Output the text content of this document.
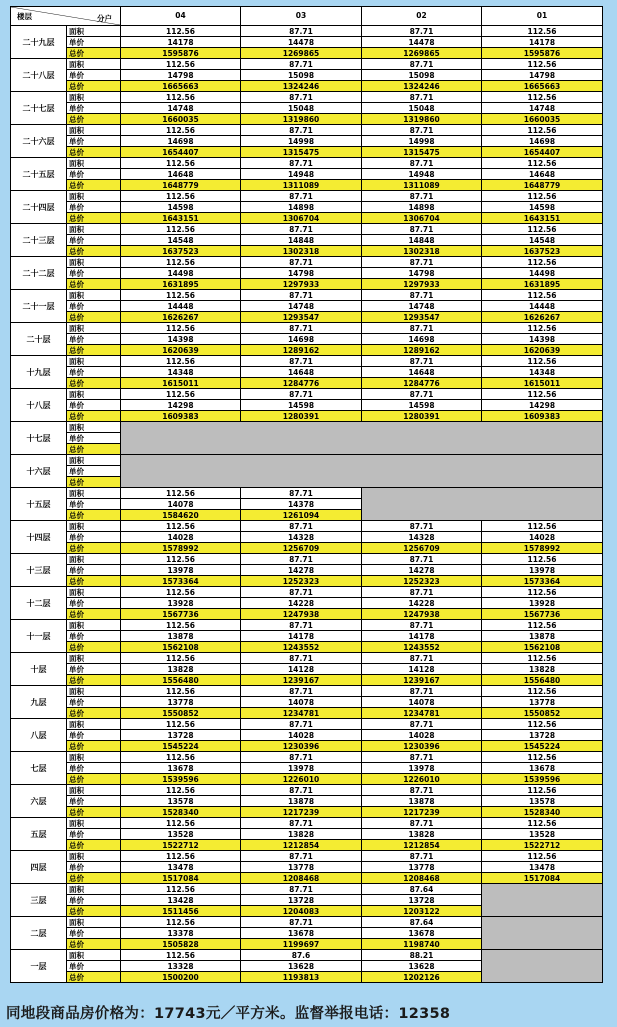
楼层 分户		04	03	02	01
二十九层	面积	112.56	87.71	87.71	112.56
	单价	14178	14478	14478	14178
	总价	1595876	1269865	1269865	1595876
二十八层	面积	112.56	87.71	87.71	112.56
	单价	14798	15098	15098	14798
	总价	1665663	1324246	1324246	1665663
二十七层	面积	112.56	87.71	87.71	112.56
	单价	14748	15048	15048	14748
	总价	1660035	1319860	1319860	1660035
二十六层	面积	112.56	87.71	87.71	112.56
	单价	14698	14998	14998	14698
	总价	1654407	1315475	1315475	1654407
二十五层	面积	112.56	87.71	87.71	112.56
	单价	14648	14948	14948	14648
	总价	1648779	1311089	1311089	1648779
二十四层	面积	112.56	87.71	87.71	112.56
	单价	14598	14898	14898	14598
	总价	1643151	1306704	1306704	1643151
二十三层	面积	112.56	87.71	87.71	112.56
	单价	14548	14848	14848	14548
	总价	1637523	1302318	1302318	1637523
二十二层	面积	112.56	87.71	87.71	112.56
	单价	14498	14798	14798	14498
	总价	1631895	1297933	1297933	1631895
二十一层	面积	112.56	87.71	87.71	112.56
	单价	14448	14748	14748	14448
	总价	1626267	1293547	1293547	1626267
二十层	面积	112.56	87.71	87.71	112.56
	单价	14398	14698	14698	14398
	总价	1620639	1289162	1289162	1620639
十九层	面积	112.56	87.71	87.71	112.56
	单价	14348	14648	14648	14348
	总价	1615011	1284776	1284776	1615011
十八层	面积	112.56	87.71	87.71	112.56
	单价	14298	14598	14598	14298
	总价	1609383	1280391	1280391	1609383
十七层	面积				
	单价				
	总价				
十六层	面积				
	单价				
	总价				
十五层	面积	112.56	87.71		
	单价	14078	14378		
	总价	1584620	1261094		
十四层	面积	112.56	87.71	87.71	112.56
	单价	14028	14328	14328	14028
	总价	1578992	1256709	1256709	1578992
十三层	面积	112.56	87.71	87.71	112.56
	单价	13978	14278	14278	13978
	总价	1573364	1252323	1252323	1573364
十二层	面积	112.56	87.71	87.71	112.56
	单价	13928	14228	14228	13928
	总价	1567736	1247938	1247938	1567736
十一层	面积	112.56	87.71	87.71	112.56
	单价	13878	14178	14178	13878
	总价	1562108	1243552	1243552	1562108
十层	面积	112.56	87.71	87.71	112.56
	单价	13828	14128	14128	13828
	总价	1556480	1239167	1239167	1556480
九层	面积	112.56	87.71	87.71	112.56
	单价	13778	14078	14078	13778
	总价	1550852	1234781	1234781	1550852
八层	面积	112.56	87.71	87.71	112.56
	单价	13728	14028	14028	13728
	总价	1545224	1230396	1230396	1545224
七层	面积	112.56	87.71	87.71	112.56
	单价	13678	13978	13978	13678
	总价	1539596	1226010	1226010	1539596
六层	面积	112.56	87.71	87.71	112.56
	单价	13578	13878	13878	13578
	总价	1528340	1217239	1217239	1528340
五层	面积	112.56	87.71	87.71	112.56
	单价	13528	13828	13828	13528
	总价	1522712	1212854	1212854	1522712
四层	面积	112.56	87.71	87.71	112.56
	单价	13478	13778	13778	13478
	总价	1517084	1208468	1208468	1517084
三层	面积	112.56	87.71	87.64	
	单价	13428	13728	13728	
	总价	1511456	1204083	1203122	
二层	面积	112.56	87.71	87.64	
	单价	13378	13678	13678	
	总价	1505828	1199697	1198740	
一层	面积	112.56	87.6	88.21	
	单价	13328	13628	13628	
	总价	1500200	1193813	1202126	
同地段商品房价格为：17743元／平方米。监督举报电话：12358
